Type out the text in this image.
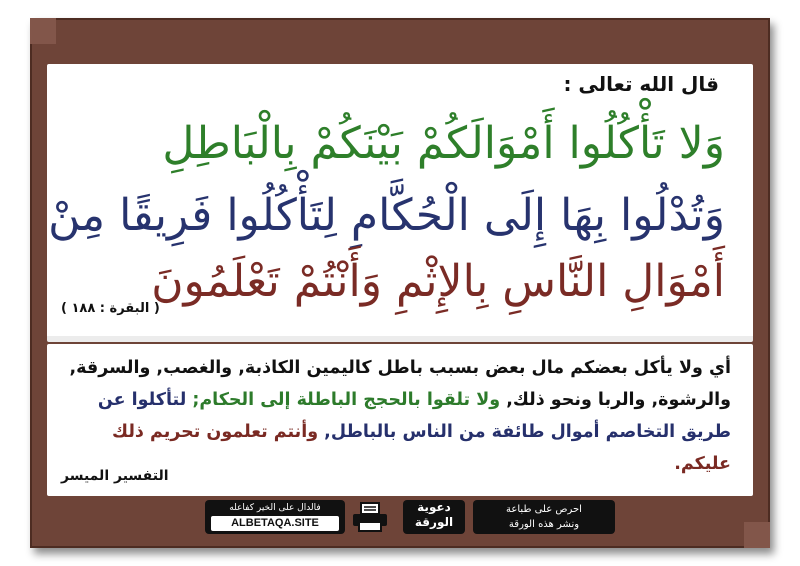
قال الله تعالى :
وَلا تَأْكُلُوا أَمْوَالَكُمْ بَيْنَكُمْ بِالْبَاطِلِ
وَتُدْلُوا بِهَا إِلَى الْحُكَّامِ لِتَأْكُلُوا فَرِيقًا مِنْ
أَمْوَالِ النَّاسِ بِالإِثْمِ وَأَنْتُمْ تَعْلَمُونَ
( البقرة : ١٨٨ )
أي ولا يأكل بعضكم مال بعض بسبب باطل كاليمين الكاذبة, والغصب, والسرقة, والرشوة, والربا ونحو ذلك, ولا تلقوا بالحجج الباطلة إلى الحكام; لتأكلوا عن طريق التخاصم أموال طائفة من الناس بالباطل, وأنتم تعلمون تحريم ذلك عليكم.
التفسير الميسر
فالدال على الخير كفاعله
ALBETAQA.SITE
دعوية
الورقة
احرص على طباعة
ونشر هذه الورقة
